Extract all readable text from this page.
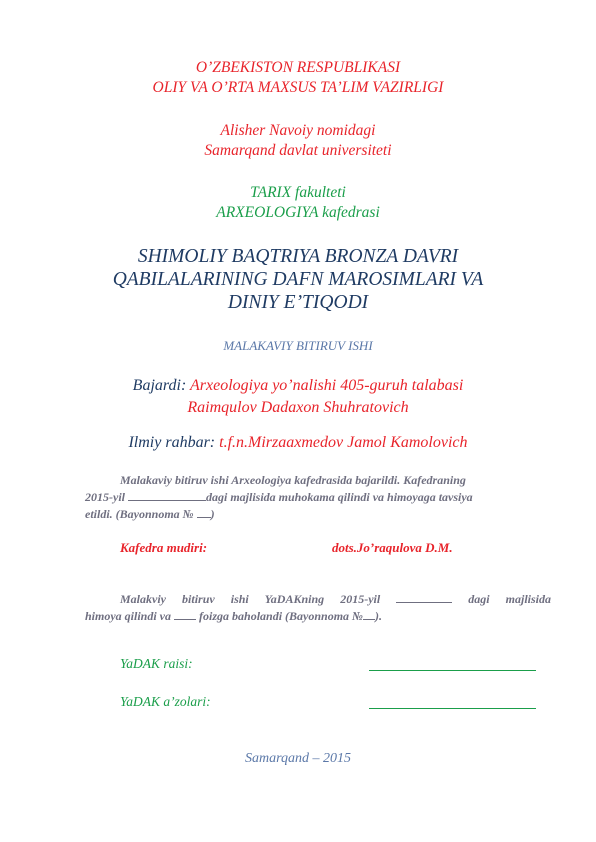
O’ZBEKISTON RESPUBLIKASI
OLIY VA O’RTA MAXSUS TA’LIM VAZIRLIGI
Alisher Navoiy nomidagi
Samarqand davlat universiteti
TARIX fakulteti
ARXEOLOGIYA kafedrasi
SHIMOLIY BAQTRIYA BRONZA DAVRI
QABILALARINING DAFN MAROSIMLARI VA
DINIY E’TIQODI
MALAKAVIY BITIRUV ISHI
Bajardi: Arxeologiya yo’nalishi 405-guruh talabasi
Raimqulov Dadaxon Shuhratovich
Ilmiy rahbar: t.f.n.Mirzaaxmedov Jamol Kamolovich
Malakaviy bitiruv ishi Arxeologiya kafedrasida bajarildi. Kafedraning
2015-yil	dagi majlisida muhokama qilindi va himoyaga tavsiya
etildi. (Bayonnoma № )
Kafedra mudiri:	dots.Jo’raqulova D.M.
Malakviy bitiruv ishi YaDAKning 2015-yil	dagi majlisida
himoya qilindi va  foizga baholandi (Bayonnoma № ).
YaDAK raisi:
YaDAK a’zolari:
Samarqand – 2015
